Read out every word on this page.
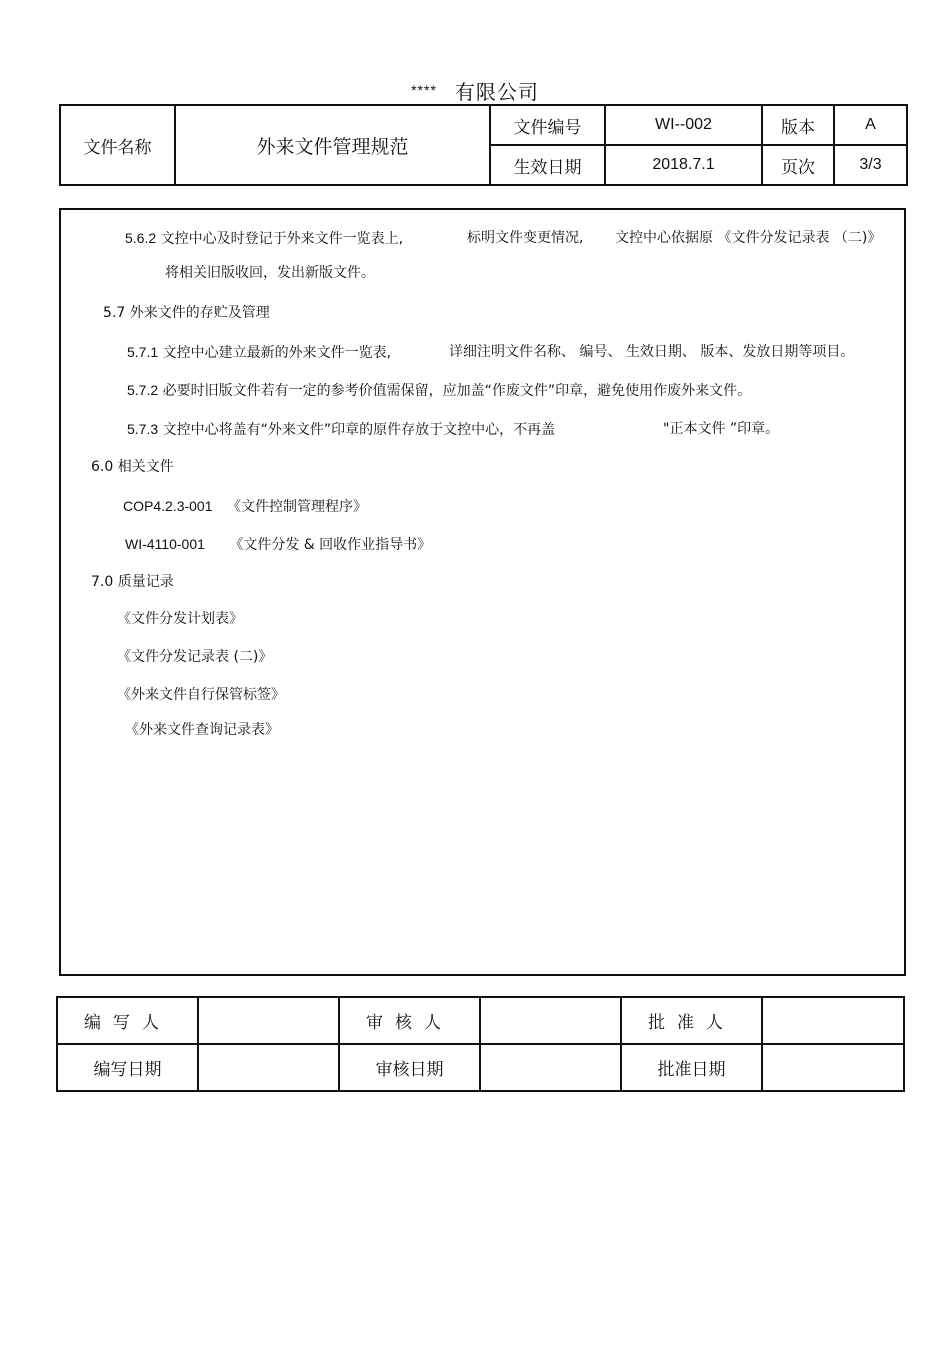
**** 有限公司
文件名称	外来文件管理规范	文件编号	WI--002	版本	A
		生效日期	2018.7.1	页次	3/3
5.6.2 文控中心及时登记于外来文件一览表上,	标明文件变更情况, 文控中心依据原 《文件分发记录表 （二)》
将相关旧版收回，发出新版文件。
5.7 外来文件的存贮及管理
5.7.1 文控中心建立最新的外来文件一览表,	详细注明文件名称、 编号、 生效日期、 版本、发放日期等项目。
5.7.2 必要时旧版文件若有一定的参考价值需保留，应加盖“作废文件”印章，避免使用作废外来文件。
5.7.3 文控中心将盖有“外来文件”印章的原件存放于文控中心，不再盖	"正本文件 ”印章。
6.0 相关文件
COP4.2.3-001 《文件控制管理程序》
WI-4110-001 《文件分发 & 回收作业指导书》
7.0 质量记录
《文件分发计划表》
《文件分发记录表 (二)》
《外来文件自行保管标签》
《外来文件查询记录表》
编写人		审核人		批准人	
编写日期		审核日期		批准日期	
